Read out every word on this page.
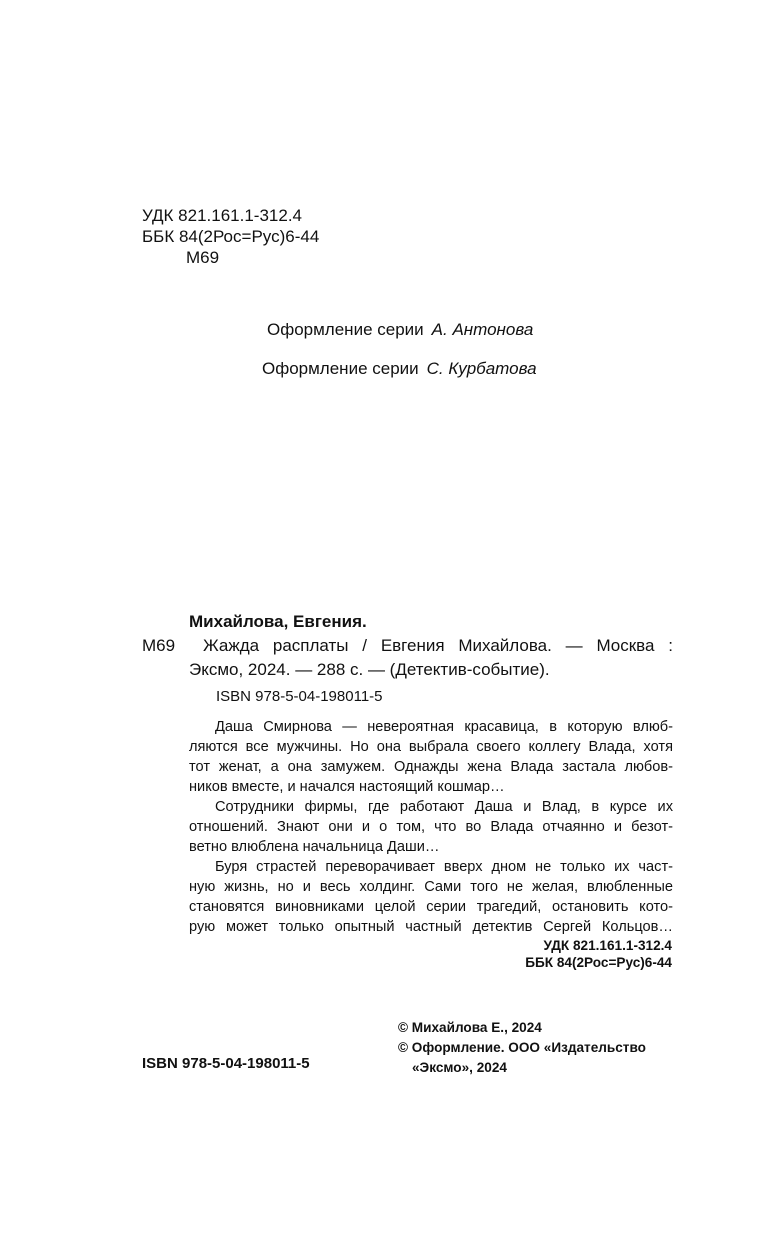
УДК 821.161.1-312.4
ББК 84(2Рос=Рус)6-44
М69
Оформление серии А. Антонова
Оформление серии С. Курбатова
Михайлова, Евгения.
М69 Жажда расплаты / Евгения Михайлова. — Москва :
Эксмо, 2024. — 288 с. — (Детектив-событие).
ISBN 978-5-04-198011-5

Даша Смирнова — невероятная красавица, в которую влюб-

ляются все мужчины. Но она выбрала своего коллегу Влада, хотя

тот женат, а она замужем. Однажды жена Влада застала любов-

ников вместе, и начался настоящий кошмар…

Сотрудники фирмы, где работают Даша и Влад, в курсе их

отношений. Знают они и о том, что во Влада отчаянно и безот-

ветно влюблена начальница Даши…

Буря страстей переворачивает вверх дном не только их част-

ную жизнь, но и весь холдинг. Сами того не желая, влюбленные

становятся виновниками целой серии трагедий, остановить кото-

рую может только опытный частный детектив Сергей Кольцов…

УДК 821.161.1-312.4
ББК 84(2Рос=Рус)6-44
© Михайлова Е., 2024
© Оформление. ООО «Издательство
«Эксмо», 2024
ISBN 978-5-04-198011-5
